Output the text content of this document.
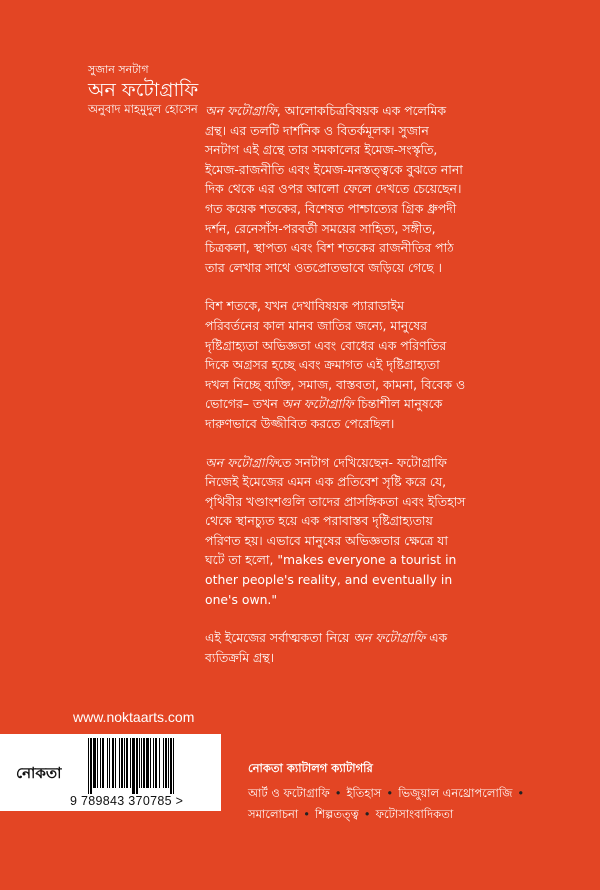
সুজান সনটাগ
অন ফটোগ্রাফি
অনুবাদ মাহমুদুল হোসেন অন ফটোগ্রাফি, আলোকচিত্রবিষয়ক এক পলেমিক
গ্রন্থ। এর তলটি দার্শনিক ও বিতর্কমূলক। সুজান
সনটাগ এই গ্রন্থে তার সমকালের ইমেজ-সংস্কৃতি,
ইমেজ-রাজনীতি এবং ইমেজ-মনস্তত্ত্বকে বুঝতে নানা
দিক থেকে এর ওপর আলো ফেলে দেখতে চেয়েছেন।
গত কয়েক শতকের, বিশেষত পাশ্চাত্যের গ্রিক ধ্রুপদী
দর্শন, রেনেসাঁস-পরবর্তী সময়ের সাহিত্য, সঙ্গীত,
চিত্রকলা, স্থাপত্য এবং বিশ শতকের রাজনীতির পাঠ
তার লেখার সাথে ওতপ্রোতভাবে জড়িয়ে গেছে ।
বিশ শতকে, যখন দেখাবিষয়ক প্যারাডাইম
পরিবর্তনের কাল মানব জাতির জন্যে, মানুষের
দৃষ্টিগ্রাহ্যতা অভিজ্ঞতা এবং বোধের এক পরিণতির
দিকে অগ্রসর হচ্ছে এবং ক্রমাগত এই দৃষ্টিগ্রাহ্যতা
দখল নিচ্ছে ব্যক্তি, সমাজ, বাস্তবতা, কামনা, বিবেক ও
ভোগের– তখন অন ফটোগ্রাফি চিন্তাশীল মানুষকে
দারুণভাবে উজ্জীবিত করতে পেরেছিল।
অন ফটোগ্রাফিতে সনটাগ দেখিয়েছেন- ফটোগ্রাফি
নিজেই ইমেজের এমন এক প্রতিবেশ সৃষ্টি করে যে,
পৃথিবীর খণ্ডাংশগুলি তাদের প্রাসঙ্গিকতা এবং ইতিহাস
থেকে স্থানচ্যুত হয়ে এক পরাবাস্তব দৃষ্টিগ্রাহ্যতায়
পরিণত হয়। এভাবে মানুষের অভিজ্ঞতার ক্ষেত্রে যা
ঘটে তা হলো, "makes everyone a tourist in
other people's reality, and eventually in
one's own."
এই ইমেজের সর্বাত্মকতা নিয়ে অন ফটোগ্রাফি এক
ব্যতিক্রমি গ্রন্থ।
www.noktaarts.com
নোকতা
9 789843 370785 >
নোকতা ক্যাটালগ ক্যাটাগরি
আর্ট ও ফটোগ্রাফি • ইতিহাস • ভিজুয়াল এনথ্রোপলোজি •
সমালোচনা • শিল্পতত্ত্ব • ফটোসাংবাদিকতা
